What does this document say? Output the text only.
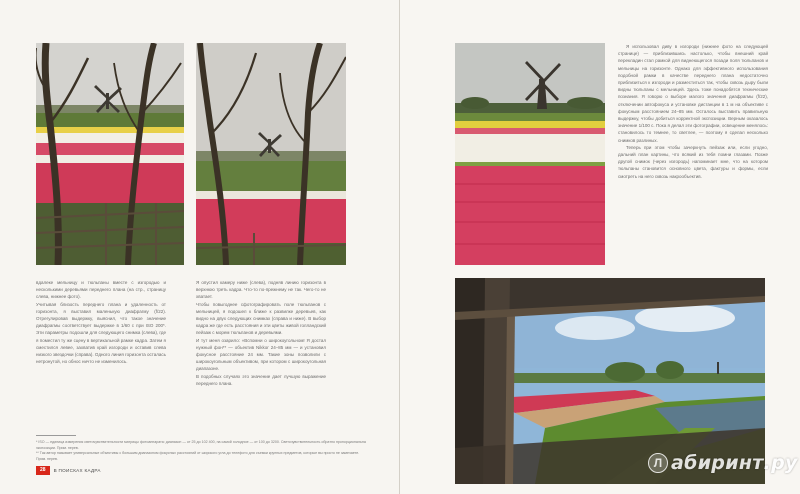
вдалеке мельницу и тюльпаны вместе с изгородью и несколькими деревьями переднего плана (на стр., страницу слева, нижнее фото).

Учитывая близость переднего плана и удаленность от горизонта, я выставил маленькую диафрагму (f/22). Отрегулировав выдержку, выяснил, что такое значение диафрагмы соответствует выдержке в 1/60 с при ISO 200*. Эти параметры подошли для следующего снимка (слева), где я поместил ту же сцену в вертикальной рамке кадра. Затем я сместился левее, захватив край изгороди и оставив слева низкого звездочки (справа). Одного линия горизонта осталась нетронутой, но обнос ничто не изменилось.

Я опустил камеру ниже (слева), подняв линию горизонта в верхнюю треть кадра. Что-то по-прежнему не так. Чего-то не хватает.

Чтобы повыгоднее сфотографировать поле тюльпанов с мельницей, я подошел к ближе к развилке деревьев, как видно на двух следующих снимках (справа и ниже). В выбор кадра же где есть расстояния и эти цветы живой голландский пейзаж с морем тюльпанов и деревьями.

И тут меня озарило: «Вспомни о широкоугольном! Я достал нужный фон** — объектив Nikkor 24–85 мм — и установил фокусное расстояние 24 мм. Такие зоны позволили с широкоугольным объективом, при котором с широкоугольная диапазоне.

В подобных случаях это значение дает лучшую выражение переднего плана.

* ISO — единица измерения светочувствительности матрицы фотоаппарата: диапазон — от 25 до 102 400, на самой холодное — от 100 до 3200. Светочувствительность обратно пропорциональна экспозиции. Прим. перев.

** Так автор называет универсальные объективы с большим диапазоном фокусных расстояний от широкого угла до телефото для съемки крупных предметов, которые вы просто не замечаете. Прим. перев.

28	В ПОИСКАХ КАДРА

Я использовал диву в изгороди (нижнее фото на следующей странице) — приблизившись настолько, чтобы внешний край перекладин стал рамкой для виднеющегося позади поля тюльпанов и мельницы на горизонте. Однако для эффективного использования подобной рамки в качестве переднего плана недостаточно приблизиться к изгороди и разместиться так, чтобы сквозь дыру были видны тюльпаны с мельницей. Здесь тоже понадобятся технические познания. Я говорю о выборе малого значения диафрагмы (f/22), отключении автофокуса и установке дистанции в 1 м на объективе с фокусным расстоянием 24–85 мм. Осталось выставить правильную выдержку, чтобы добиться корректной экспозиции. Верным оказалось значение 1/100 с. Пока я делал эти фотографии, освещение менялось: становилось то темнее, то светлее, — поэтому я сделал несколько снимков разлиных.

Теперь при этом чтобы зачеркнуть пейзаж или, если угодно, дальний план картины, что всякий из тебя помни глазами. Позже другой снимок (через изгородь) напоминает мне, что на котором тюльпаны становится основного цвета, фактуры и формы, если смотреть на него сквозь накрообъектив.

Л абиринт.ру
